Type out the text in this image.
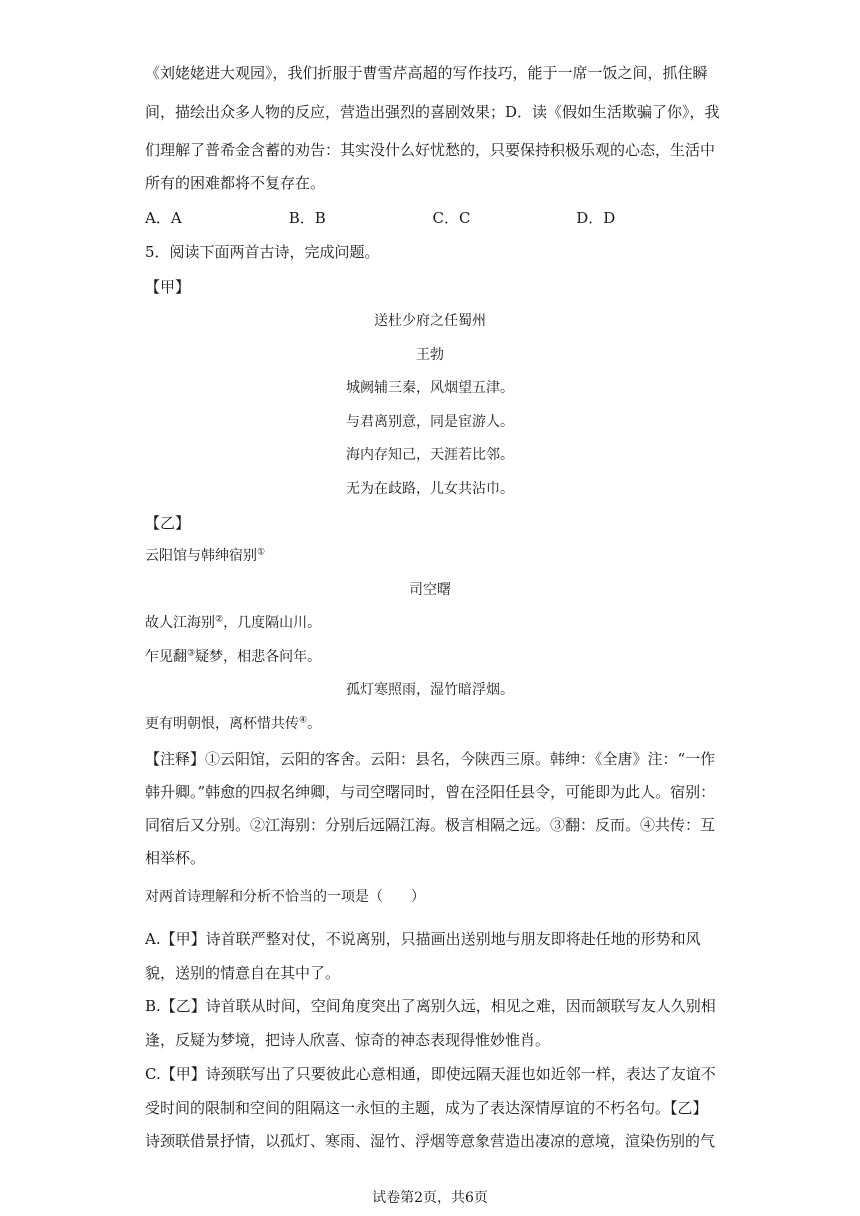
《刘姥姥进大观园》，我们折服于曹雪芹高超的写作技巧，能于一席一饭之间，抓住瞬
间，描绘出众多人物的反应，营造出强烈的喜剧效果；D．读《假如生活欺骗了你》，我
们理解了普希金含蓄的劝告：其实没什么好忧愁的，只要保持积极乐观的心态，生活中
所有的困难都将不复存在。
A．A	B．B	C．C	D．D
5．阅读下面两首古诗，完成问题。
【甲】
送杜少府之任蜀州
王勃
城阙辅三秦，风烟望五津。
与君离别意，同是宦游人。
海内存知己，天涯若比邻。
无为在歧路，儿女共沾巾。
【乙】
云阳馆与韩绅宿别①
司空曙
故人江海别②，几度隔山川。
乍见翻③疑梦，相悲各问年。
孤灯寒照雨，湿竹暗浮烟。
更有明朝恨，离杯惜共传④。
【注释】①云阳馆，云阳的客舍。云阳：县名，今陕西三原。韩绅：《全唐》注：“一作
韩升卿。”韩愈的四叔名绅卿，与司空曙同时，曾在泾阳任县令，可能即为此人。宿别：
同宿后又分别。②江海别：分别后远隔江海。极言相隔之远。③翻：反而。④共传：互
相举杯。
对两首诗理解和分析不恰当的一项是（　　）
A.【甲】诗首联严整对仗，不说离别，只描画出送别地与朋友即将赴任地的形势和风
貌，送别的情意自在其中了。
B.【乙】诗首联从时间，空间角度突出了离别久远，相见之难，因而颔联写友人久别相
逢，反疑为梦境，把诗人欣喜、惊奇的神态表现得惟妙惟肖。
C.【甲】诗颈联写出了只要彼此心意相通，即使远隔天涯也如近邻一样，表达了友谊不
受时间的限制和空间的阻隔这一永恒的主题，成为了表达深情厚谊的不朽名句。【乙】
诗颈联借景抒情，以孤灯、寒雨、湿竹、浮烟等意象营造出凄凉的意境，渲染伤别的气
试卷第2页，共6页
